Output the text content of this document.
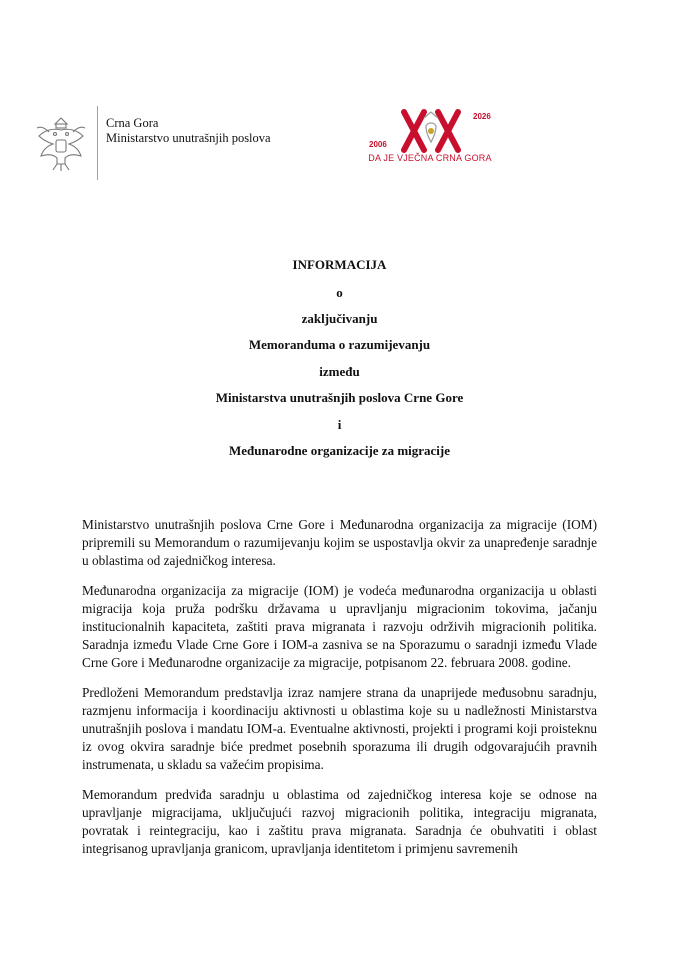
Crna Gora
Ministarstvo unutrašnjih poslova	2006
2026
DA JE VJEČNA CRNA GORA
INFORMACIJA
o
zaključivanju
Memoranduma o razumijevanju
između
Ministarstva unutrašnjih poslova Crne Gore
i
Međunarodne organizacije za migracije

Ministarstvo unutrašnjih poslova Crne Gore i Međunarodna organizacija za migracije (IOM) pripremili su Memorandum o razumijevanju kojim se uspostavlja okvir za unapređenje saradnje u oblastima od zajedničkog interesa.

Međunarodna organizacija za migracije (IOM) je vodeća međunarodna organizacija u oblasti migracija koja pruža podršku državama u upravljanju migracionim tokovima, jačanju institucionalnih kapaciteta, zaštiti prava migranata i razvoju održivih migracionih politika. Saradnja između Vlade Crne Gore i IOM-a zasniva se na Sporazumu o saradnji između Vlade Crne Gore i Međunarodne organizacije za migracije, potpisanom 22. februara 2008. godine.

Predloženi Memorandum predstavlja izraz namjere strana da unaprijede međusobnu saradnju, razmjenu informacija i koordinaciju aktivnosti u oblastima koje su u nadležnosti Ministarstva unutrašnjih poslova i mandatu IOM-a. Eventualne aktivnosti, projekti i programi koji proisteknu iz ovog okvira saradnje biće predmet posebnih sporazuma ili drugih odgovarajućih pravnih instrumenata, u skladu sa važećim propisima.

Memorandum predviđa saradnju u oblastima od zajedničkog interesa koje se odnose na upravljanje migracijama, uključujući razvoj migracionih politika, integraciju migranata, povratak i reintegraciju, kao i zaštitu prava migranata. Saradnja će obuhvatiti i oblast integrisanog upravljanja granicom, upravljanja identitetom i primjenu savremenih
